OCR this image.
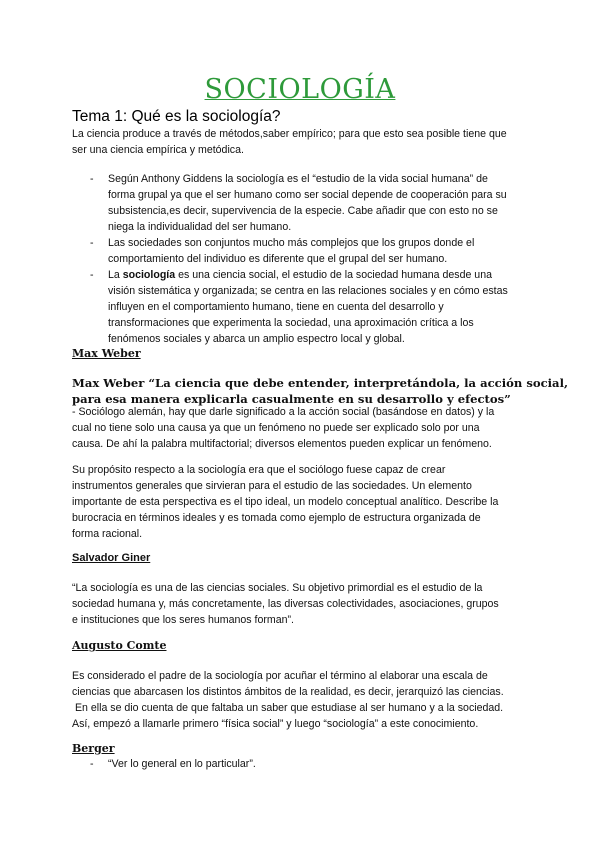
SOCIOLOGÍA
Tema 1: Qué es la sociología?
La ciencia produce a través de métodos,saber empírico; para que esto sea posible tiene que
ser una ciencia empírica y metódica.
- Según Anthony Giddens la sociología es el “estudio de la vida social humana” de
forma grupal ya que el ser humano como ser social depende de cooperación para su
subsistencia,es decir, supervivencia de la especie. Cabe añadir que con esto no se
niega la individualidad del ser humano.
- Las sociedades son conjuntos mucho más complejos que los grupos donde el
comportamiento del individuo es diferente que el grupal del ser humano.
- La sociología es una ciencia social, el estudio de la sociedad humana desde una
visión sistemática y organizada; se centra en las relaciones sociales y en cómo estas
influyen en el comportamiento humano, tiene en cuenta del desarrollo y
transformaciones que experimenta la sociedad, una aproximación crítica a los
fenómenos sociales y abarca un amplio espectro local y global.
Max Weber
Max Weber “La ciencia que debe entender, interpretándola, la acción social,
para esa manera explicarla casualmente en su desarrollo y efectos”
- Sociólogo alemán, hay que darle significado a la acción social (basándose en datos) y la
cual no tiene solo una causa ya que un fenómeno no puede ser explicado solo por una
causa. De ahí la palabra multifactorial; diversos elementos pueden explicar un fenómeno.
Su propósito respecto a la sociología era que el sociólogo fuese capaz de crear
instrumentos generales que sirvieran para el estudio de las sociedades. Un elemento
importante de esta perspectiva es el tipo ideal, un modelo conceptual analítico. Describe la
burocracia en términos ideales y es tomada como ejemplo de estructura organizada de
forma racional.
Salvador Giner
“La sociología es una de las ciencias sociales. Su objetivo primordial es el estudio de la
sociedad humana y, más concretamente, las diversas colectividades, asociaciones, grupos
e instituciones que los seres humanos forman”.
Augusto Comte
Es considerado el padre de la sociología por acuñar el término al elaborar una escala de
ciencias que abarcasen los distintos ámbitos de la realidad, es decir, jerarquizó las ciencias.
En ella se dio cuenta de que faltaba un saber que estudiase al ser humano y a la sociedad.
Así, empezó a llamarle primero “física social” y luego “sociología” a este conocimiento.
Berger
- “Ver lo general en lo particular”.
